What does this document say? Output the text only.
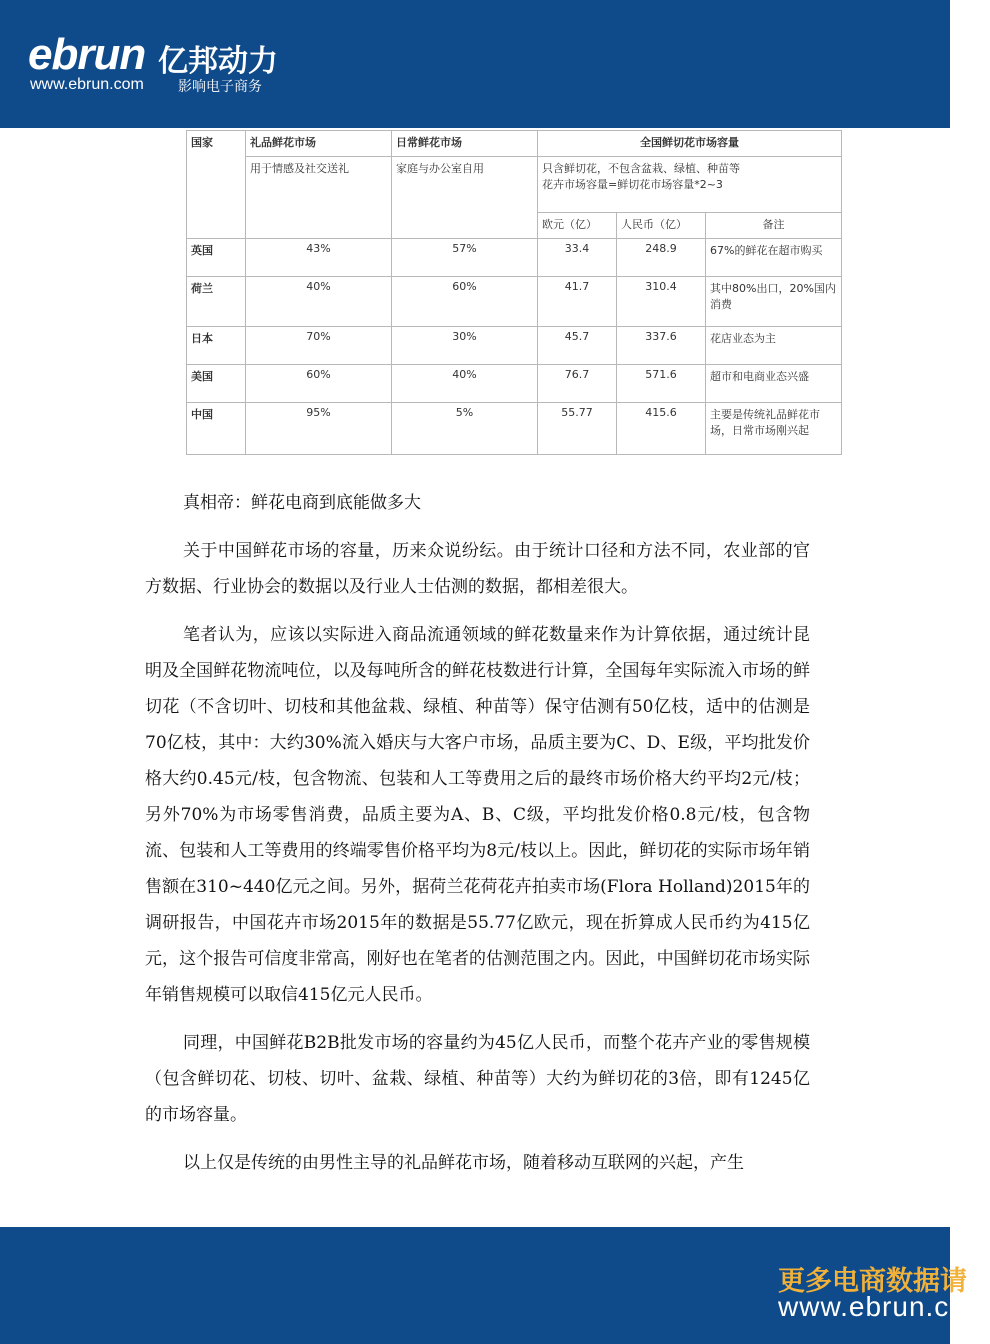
ebrun 亿邦动力
www.ebrun.com 影响电子商务
国家	礼品鲜花市场	日常鲜花市场	全国鲜切花市场容量		
	用于情感及社交送礼	家庭与办公室自用	只含鲜切花，不包含盆栽、绿植、种苗等
花卉市场容量=鲜切花市场容量*2~3		

			欧元（亿）	人民币（亿）	备注
英国	43%	57%	33.4	248.9	67%的鲜花在超市购买
荷兰	40%	60%	41.7	310.4	其中80%出口，20%国内消费
日本	70%	30%	45.7	337.6	花店业态为主
美国	60%	40%	76.7	571.6	超市和电商业态兴盛
中国	95%	5%	55.77	415.6	主要是传统礼品鲜花市场，日常市场刚兴起

真相帝：鲜花电商到底能做多大

关于中国鲜花市场的容量，历来众说纷纭。由于统计口径和方法不同，农业部的官方数据、行业协会的数据以及行业人士估测的数据，都相差很大。

笔者认为，应该以实际进入商品流通领域的鲜花数量来作为计算依据，通过统计昆明及全国鲜花物流吨位，以及每吨所含的鲜花枝数进行计算，全国每年实际流入市场的鲜切花（不含切叶、切枝和其他盆栽、绿植、种苗等）保守估测有50亿枝，适中的估测是70亿枝，其中：大约30%流入婚庆与大客户市场，品质主要为C、D、E级，平均批发价格大约0.45元/枝，包含物流、包装和人工等费用之后的最终市场价格大约平均2元/枝；另外70%为市场零售消费，品质主要为A、B、C级，平均批发价格0.8元/枝，包含物流、包装和人工等费用的终端零售价格平均为8元/枝以上。因此，鲜切花的实际市场年销售额在310~440亿元之间。另外，据荷兰花荷花卉拍卖市场(Flora Holland)2015年的调研报告，中国花卉市场2015年的数据是55.77亿欧元，现在折算成人民币约为415亿元，这个报告可信度非常高，刚好也在笔者的估测范围之内。因此，中国鲜切花市场实际年销售规模可以取信415亿元人民币。

同理，中国鲜花B2B批发市场的容量约为45亿人民币，而整个花卉产业的零售规模（包含鲜切花、切枝、切叶、盆栽、绿植、种苗等）大约为鲜切花的3倍，即有1245亿的市场容量。

以上仅是传统的由男性主导的礼品鲜花市场，随着移动互联网的兴起，产生

更多电商数据请
www.ebrun.com
